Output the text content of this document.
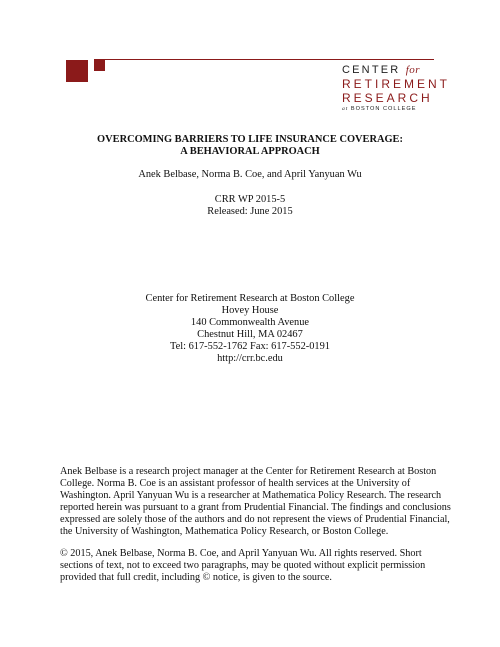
CENTER for
RETIREMENT
RESEARCH
at BOSTON COLLEGE
OVERCOMING BARRIERS TO LIFE INSURANCE COVERAGE:
A BEHAVIORAL APPROACH
Anek Belbase, Norma B. Coe, and April Yanyuan Wu
CRR WP 2015-5
Released: June 2015
Center for Retirement Research at Boston College
Hovey House
140 Commonwealth Avenue
Chestnut Hill, MA 02467
Tel: 617-552-1762 Fax: 617-552-0191
http://crr.bc.edu
Anek Belbase is a research project manager at the Center for Retirement Research at Boston
College. Norma B. Coe is an assistant professor of health services at the University of
Washington. April Yanyuan Wu is a researcher at Mathematica Policy Research. The research
reported herein was pursuant to a grant from Prudential Financial. The findings and conclusions
expressed are solely those of the authors and do not represent the views of Prudential Financial,
the University of Washington, Mathematica Policy Research, or Boston College.
© 2015, Anek Belbase, Norma B. Coe, and April Yanyuan Wu. All rights reserved. Short
sections of text, not to exceed two paragraphs, may be quoted without explicit permission
provided that full credit, including © notice, is given to the source.
